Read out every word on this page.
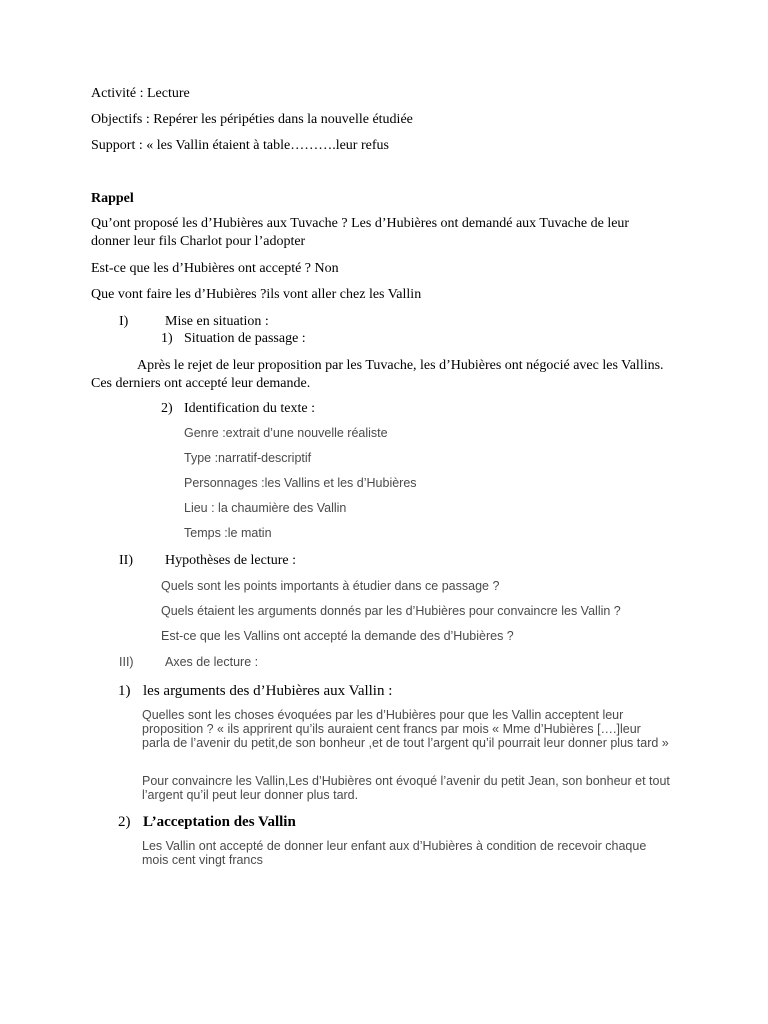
Activité : Lecture
Objectifs : Repérer les péripéties dans la nouvelle étudiée
Support : « les Vallin étaient à table……….leur refus
Rappel
Qu’ont proposé les d’Hubières aux Tuvache ? Les d’Hubières ont demandé aux Tuvache de leur donner leur fils Charlot pour l’adopter
Est-ce que les d’Hubières ont accepté ? Non
Que vont faire les d’Hubières ?ils vont aller chez les Vallin
I)	Mise en situation :
1) Situation de passage :
Après le rejet de leur proposition par les Tuvache, les d’Hubières ont négocié avec les Vallins. Ces derniers ont accepté leur demande.
2) Identification du texte :
Genre :extrait d’une nouvelle réaliste
Type :narratif-descriptif
Personnages :les Vallins et les d’Hubières
Lieu : la chaumière des Vallin
Temps :le matin
II) Hypothèses de lecture :
Quels sont les points importants à étudier dans ce passage ?
Quels étaient les arguments donnés par les d’Hubières pour convaincre les Vallin ?
Est-ce que les Vallins ont accepté la demande des d’Hubières ?
III)	Axes de lecture :
1) les arguments des d’Hubières aux Vallin :
Quelles sont les choses évoquées par les d’Hubières pour que les Vallin acceptent leur proposition ? « ils apprirent qu’ils auraient cent francs par mois « Mme d’Hubières [….]leur parla de l’avenir du petit,de son bonheur ,et de tout l’argent qu’il pourrait leur donner plus tard »
Pour convaincre les Vallin,Les d’Hubières ont évoqué l’avenir du petit Jean, son bonheur et tout l’argent qu’il peut leur donner plus tard.
2) L’acceptation des Vallin
Les Vallin ont accepté de donner leur enfant aux d’Hubières à condition de recevoir chaque mois cent vingt francs
